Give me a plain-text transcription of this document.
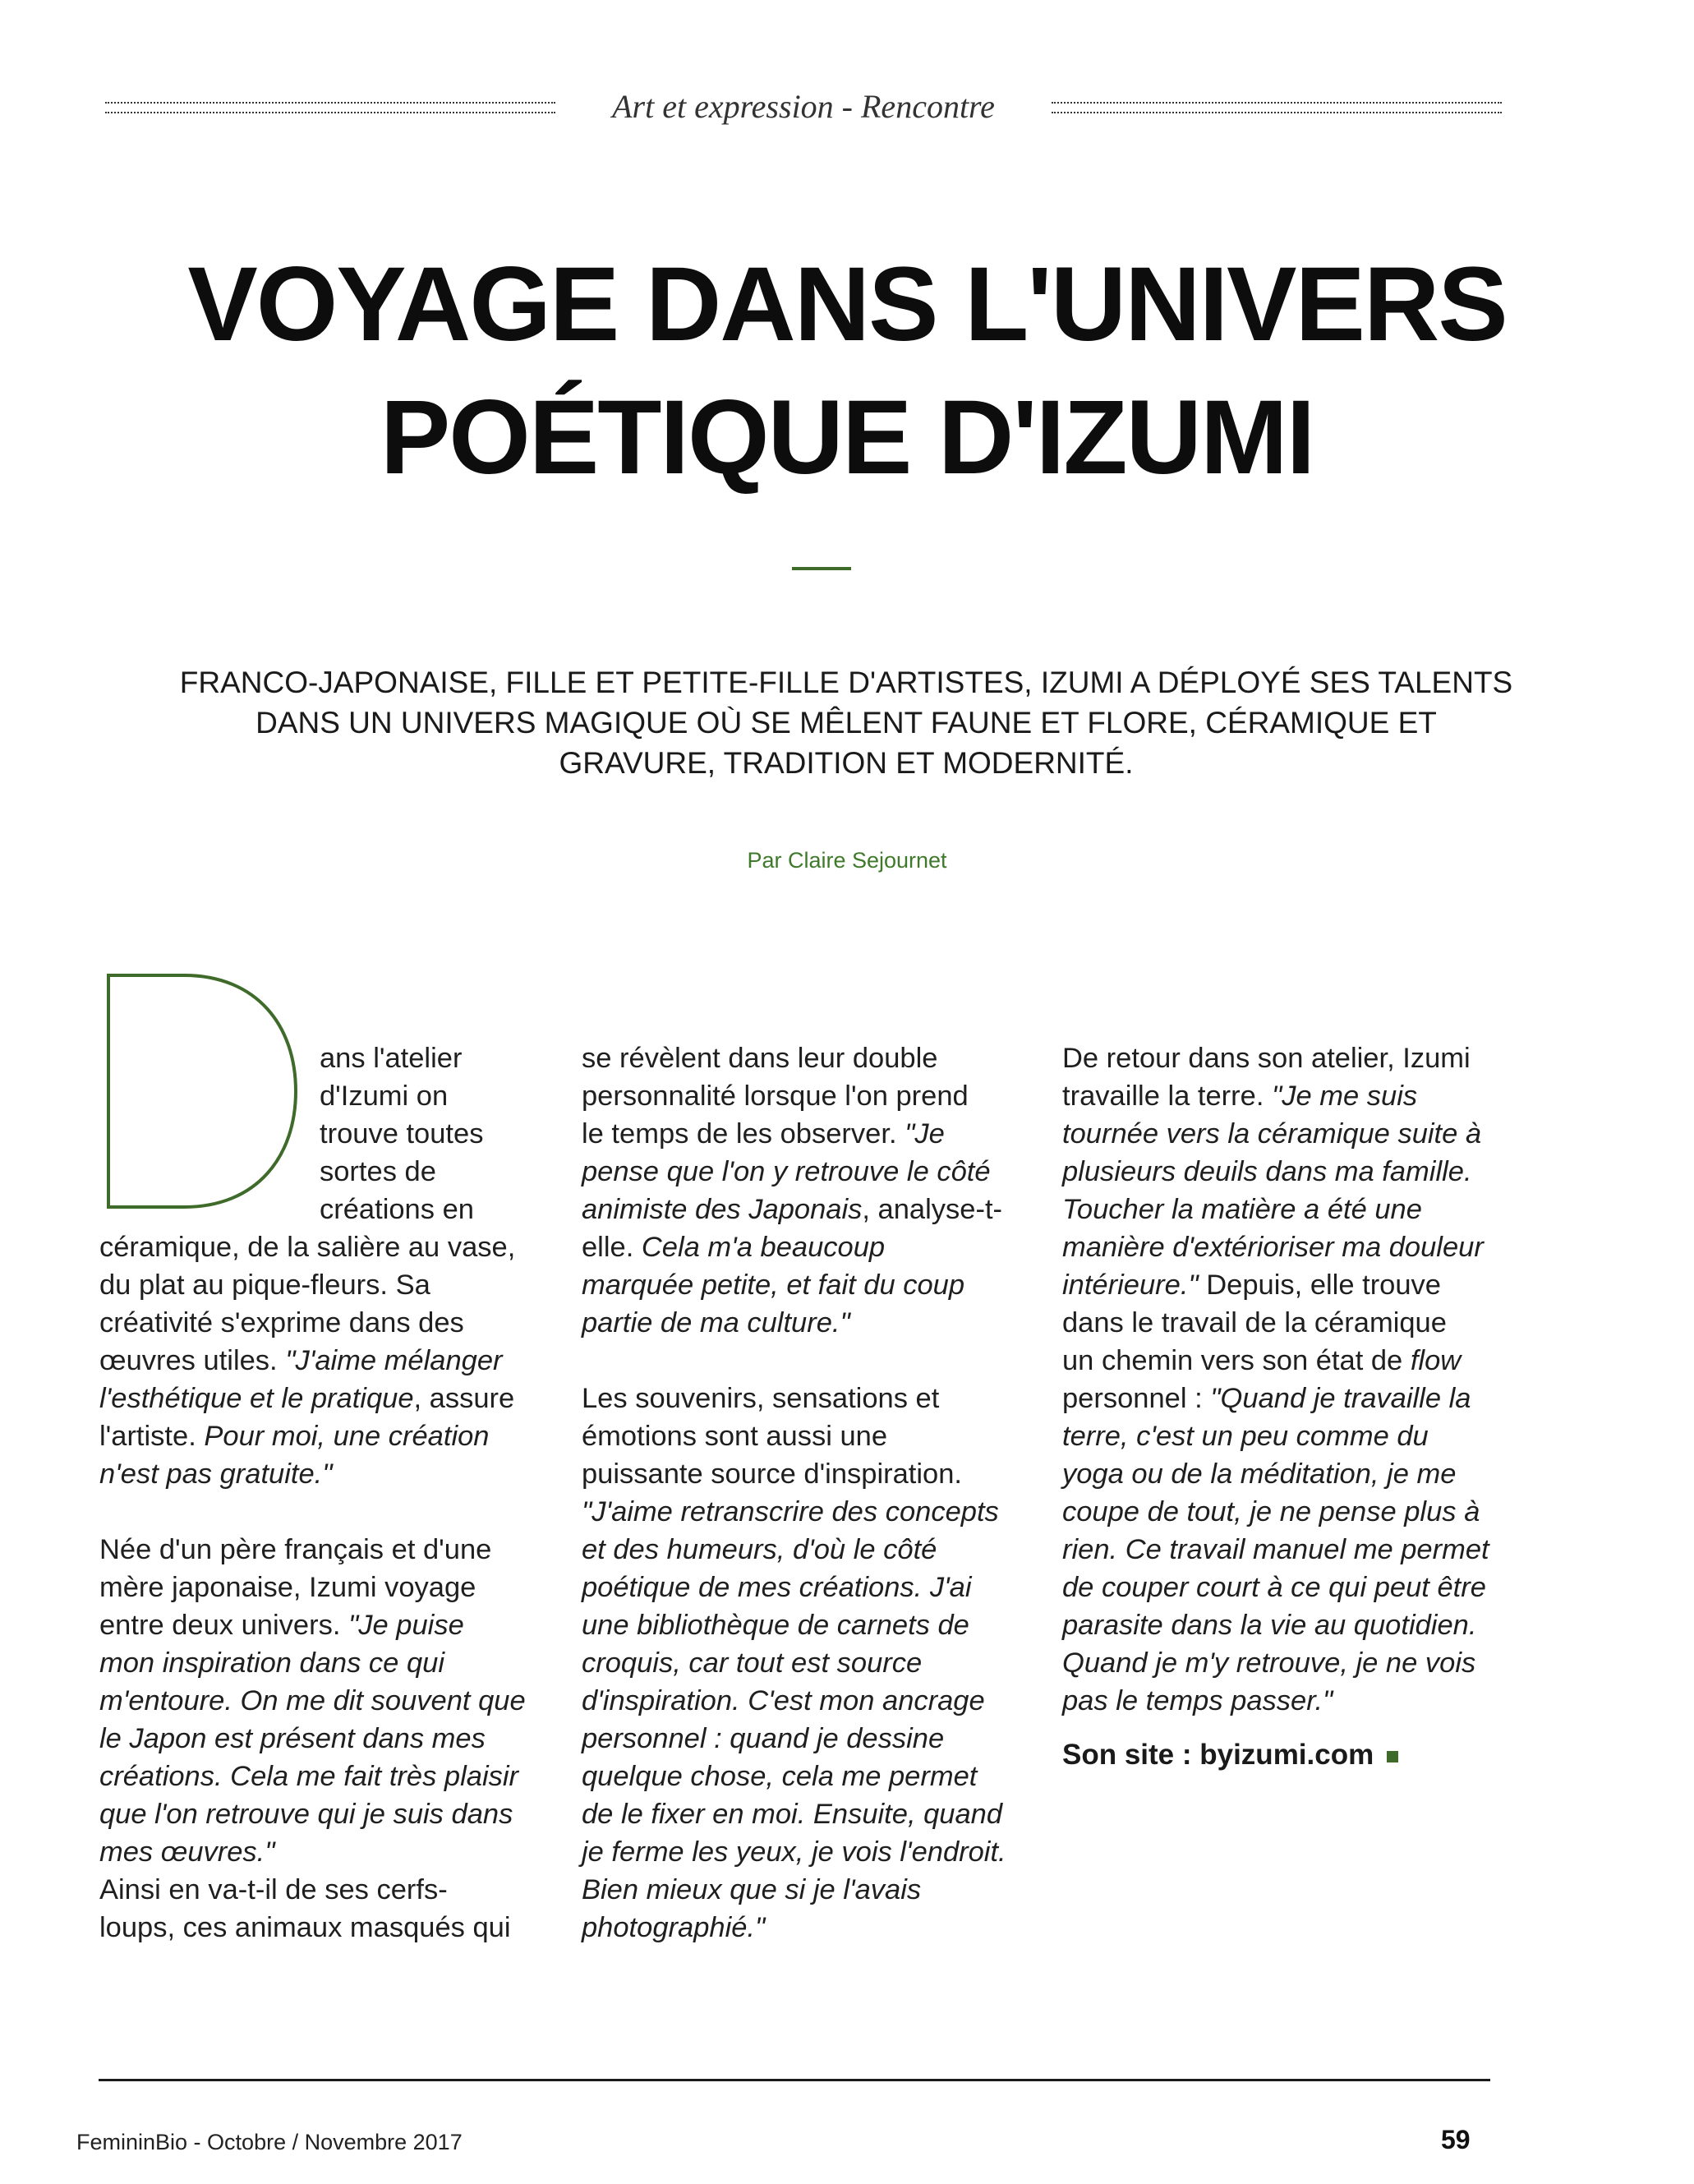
Art et expression - Rencontre
VOYAGE DANS L'UNIVERS
POÉTIQUE D'IZUMI

FRANCO-JAPONAISE, FILLE ET PETITE-FILLE D'ARTISTES, IZUMI A DÉPLOYÉ SES TALENTS
DANS UN UNIVERS MAGIQUE OÙ SE MÊLENT FAUNE ET FLORE, CÉRAMIQUE ET
GRAVURE, TRADITION ET MODERNITÉ.

Par Claire Sejournet
D
ans l'atelier
d'Izumi on
trouve toutes
sortes de
créations en
céramique, de la salière au vase,
du plat au pique-fleurs. Sa
créativité s'exprime dans des
œuvres utiles. "J'aime mélanger
l'esthétique et le pratique, assure
l'artiste. Pour moi, une création
n'est pas gratuite."
Née d'un père français et d'une
mère japonaise, Izumi voyage
entre deux univers. "Je puise
mon inspiration dans ce qui
m'entoure. On me dit souvent que
le Japon est présent dans mes
créations. Cela me fait très plaisir
que l'on retrouve qui je suis dans
mes œuvres."
Ainsi en va-t-il de ses cerfs-
loups, ces animaux masqués qui
se révèlent dans leur double
personnalité lorsque l'on prend
le temps de les observer. "Je
pense que l'on y retrouve le côté
animiste des Japonais, analyse-t-
elle. Cela m'a beaucoup
marquée petite, et fait du coup
partie de ma culture."
Les souvenirs, sensations et
émotions sont aussi une
puissante source d'inspiration.
"J'aime retranscrire des concepts
et des humeurs, d'où le côté
poétique de mes créations. J'ai
une bibliothèque de carnets de
croquis, car tout est source
d'inspiration. C'est mon ancrage
personnel : quand je dessine
quelque chose, cela me permet
de le fixer en moi. Ensuite, quand
je ferme les yeux, je vois l'endroit.
Bien mieux que si je l'avais
photographié."
De retour dans son atelier, Izumi
travaille la terre. "Je me suis
tournée vers la céramique suite à
plusieurs deuils dans ma famille.
Toucher la matière a été une
manière d'extérioriser ma douleur
intérieure." Depuis, elle trouve
dans le travail de la céramique
un chemin vers son état de flow
personnel : "Quand je travaille la
terre, c'est un peu comme du
yoga ou de la méditation, je me
coupe de tout, je ne pense plus à
rien. Ce travail manuel me permet
de couper court à ce qui peut être
parasite dans la vie au quotidien.
Quand je m'y retrouve, je ne vois
pas le temps passer."
Son site : byizumi.com
FemininBio - Octobre / Novembre 2017	59
